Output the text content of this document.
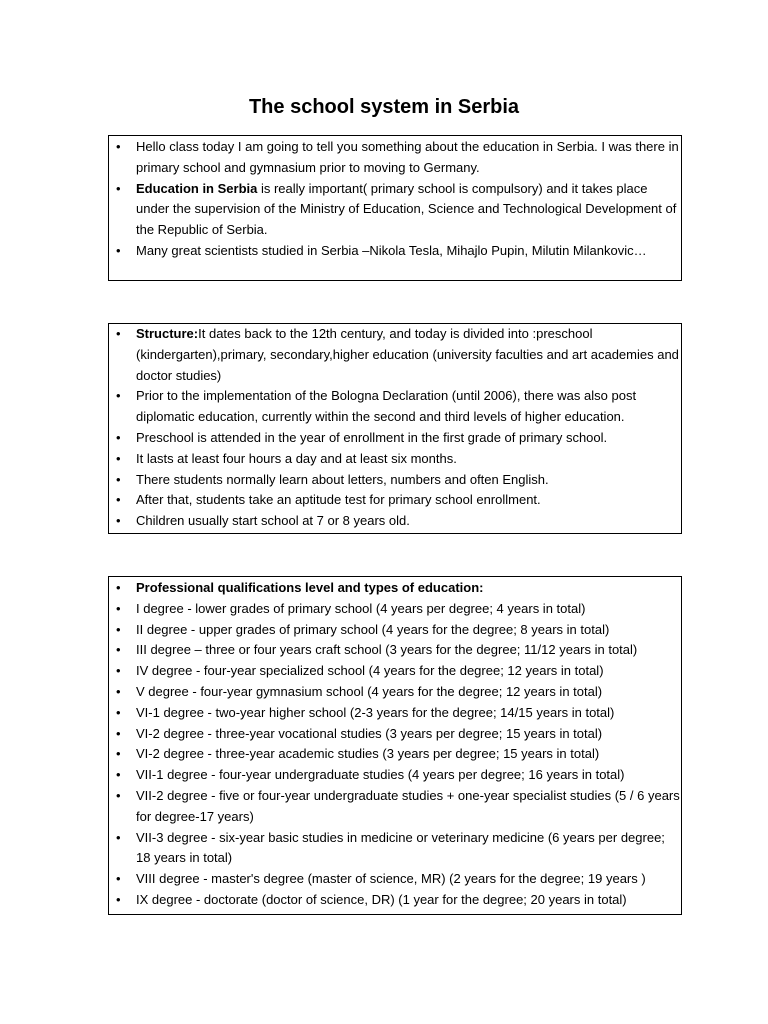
The school system in Serbia
• Hello class today I am going to tell you something about the education in Serbia. I was there in primary school and gymnasium prior to moving to Germany.
• Education in Serbia is really important( primary school is compulsory) and it takes place under the supervision of the Ministry of Education, Science and Technological Development of the Republic of Serbia.
• Many great scientists studied in Serbia –Nikola Tesla, Mihajlo Pupin, Milutin Milankovic…
• Structure:It dates back to the 12th century, and today is divided into :preschool (kindergarten),primary, secondary,higher education (university faculties and art academies and doctor studies)
• Prior to the implementation of the Bologna Declaration (until 2006), there was also post diplomatic education, currently within the second and third levels of higher education.
• Preschool is attended in the year of enrollment in the first grade of primary school.
• It lasts at least four hours a day and at least six months.
• There students normally learn about letters, numbers and often English.
• After that, students take an aptitude test for primary school enrollment.
• Children usually start school at 7 or 8 years old.
• Professional qualifications level and types of education:
• I degree - lower grades of primary school (4 years per degree; 4 years in total)
• II degree - upper grades of primary school (4 years for the degree; 8 years in total)
• III degree – three or four years craft school (3 years for the degree; 11/12 years in total)
• IV degree - four-year specialized school (4 years for the degree; 12 years in total)
• V degree - four-year gymnasium school (4 years for the degree; 12 years in total)
• VI-1 degree - two-year higher school (2-3 years for the degree; 14/15 years in total)
• VI-2 degree - three-year vocational studies (3 years per degree; 15 years in total)
• VI-2 degree - three-year academic studies (3 years per degree; 15 years in total)
• VII-1 degree - four-year undergraduate studies (4 years per degree; 16 years in total)
• VII-2 degree - five or four-year undergraduate studies + one-year specialist studies (5 / 6 years for degree-17 years)
• VII-3 degree - six-year basic studies in medicine or veterinary medicine (6 years per degree; 18 years in total)
• VIII degree - master's degree (master of science, MR) (2 years for the degree; 19 years )
• IX degree - doctorate (doctor of science, DR) (1 year for the degree; 20 years in total)
